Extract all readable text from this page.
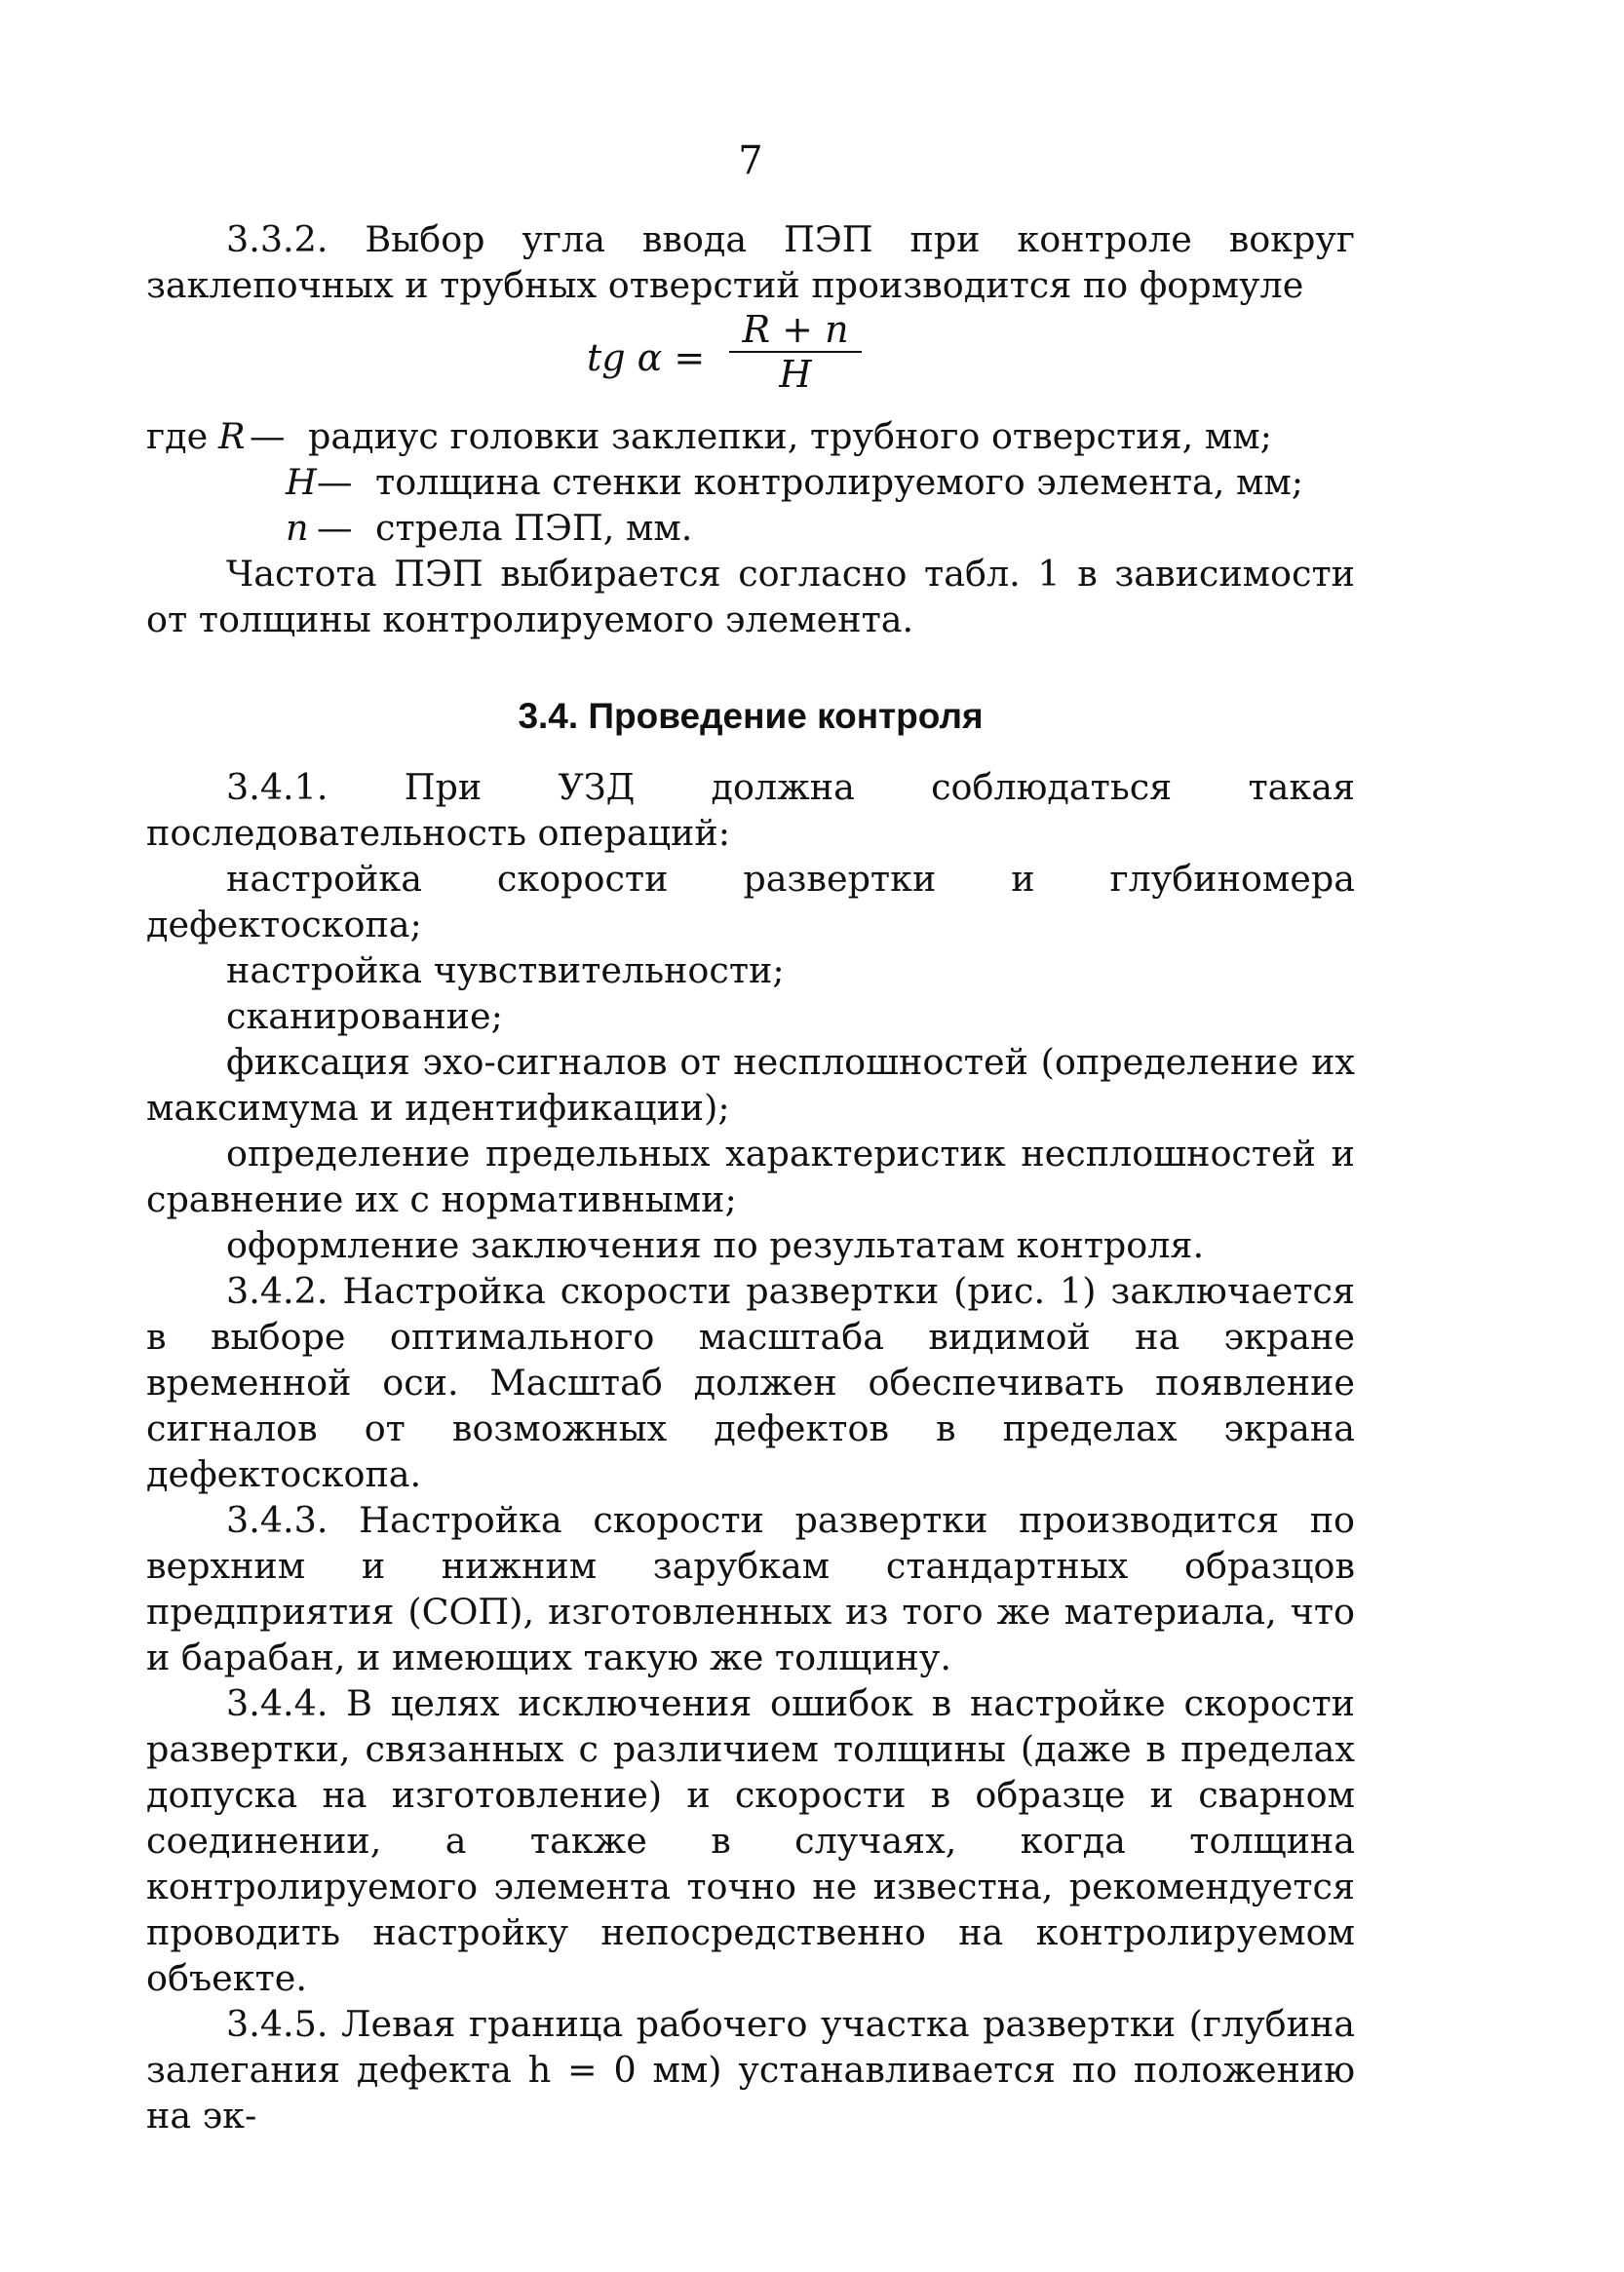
7

3.3.2. Выбор угла ввода ПЭП при контроле вокруг заклепочных и трубных отверстий производится по формуле

tg $\alpha = \frac{R + n}{H}$
где R — радиус головки заклепки, трубного отверстия, мм;
H — толщина стенки контролируемого элемента, мм;
n — стрела ПЭП, мм.

Частота ПЭП выбирается согласно табл. 1 в зависимости от толщины контролируемого элемента.

3.4. Проведение контроля

3.4.1. При УЗД должна соблюдаться такая последовательность операций:

настройка скорости развертки и глубиномера дефектоскопа;

настройка чувствительности;

сканирование;

фиксация эхо-сигналов от несплошностей (определение их максимума и идентификации);

определение предельных характеристик несплошностей и сравнение их с нормативными;

оформление заключения по результатам контроля.

3.4.2. Настройка скорости развертки (рис. 1) заключается в выборе оптимального масштаба видимой на экране временной оси. Масштаб должен обеспечивать появление сигналов от возможных дефектов в пределах экрана дефектоскопа.

3.4.3. Настройка скорости развертки производится по верхним и нижним зарубкам стандартных образцов предприятия (СОП), изготовленных из того же материала, что и барабан, и имеющих такую же толщину.

3.4.4. В целях исключения ошибок в настройке скорости развертки, связанных с различием толщины (даже в пределах допуска на изготовление) и скорости в образце и сварном соединении, а также в случаях, когда толщина контролируемого элемента точно не известна, рекомендуется проводить настройку непосредственно на контролируемом объекте.

3.4.5. Левая граница рабочего участка развертки (глубина залегания дефекта h = 0 мм) устанавливается по положению на эк-
